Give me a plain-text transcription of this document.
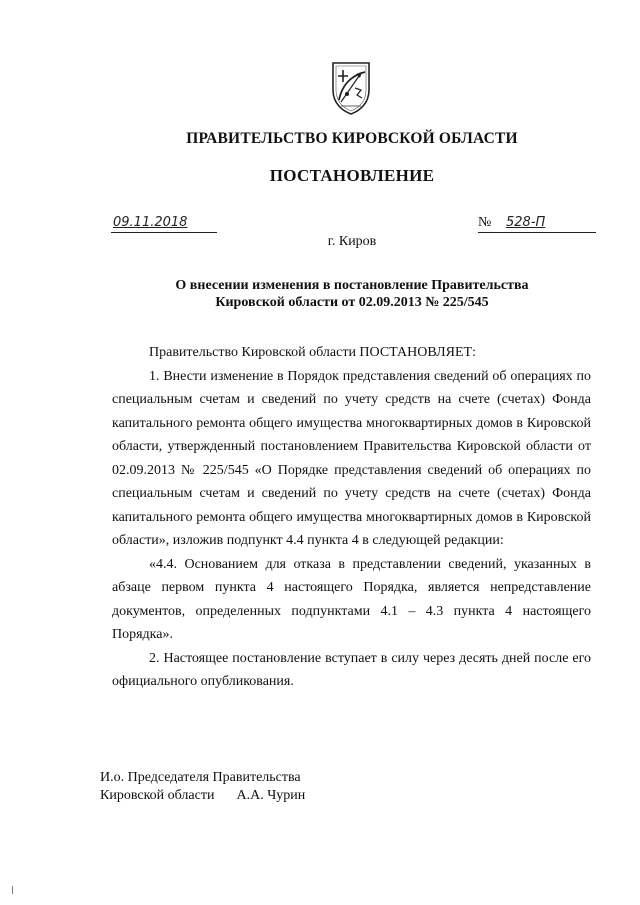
ПРАВИТЕЛЬСТВО КИРОВСКОЙ ОБЛАСТИ
ПОСТАНОВЛЕНИЕ
09.11.2018	№ 528-П
г. Киров
О внесении изменения в постановление Правительства
Кировской области от 02.09.2013 № 225/545

Правительство Кировской области ПОСТАНОВЛЯЕТ:

1. Внести изменение в Порядок представления сведений об операциях по специальным счетам и сведений по учету средств на счете (счетах) Фонда капитального ремонта общего имущества многоквартирных домов в Кировской области, утвержденный постановлением Правительства Кировской области от 02.09.2013 № 225/545 «О Порядке представления сведений об операциях по специальным счетам и сведений по учету средств на счете (счетах) Фонда капитального ремонта общего имущества многоквартирных домов в Кировской области», изложив подпункт 4.4 пункта 4 в следующей редакции:

«4.4. Основанием для отказа в представлении сведений, указанных в абзаце первом пункта 4 настоящего Порядка, является непредставление документов, определенных подпунктами 4.1 – 4.3 пункта 4 настоящего Порядка».

2. Настоящее постановление вступает в силу через десять дней после его официального опубликования.

И.о. Председателя Правительства
Кировской области А.А. Чурин
